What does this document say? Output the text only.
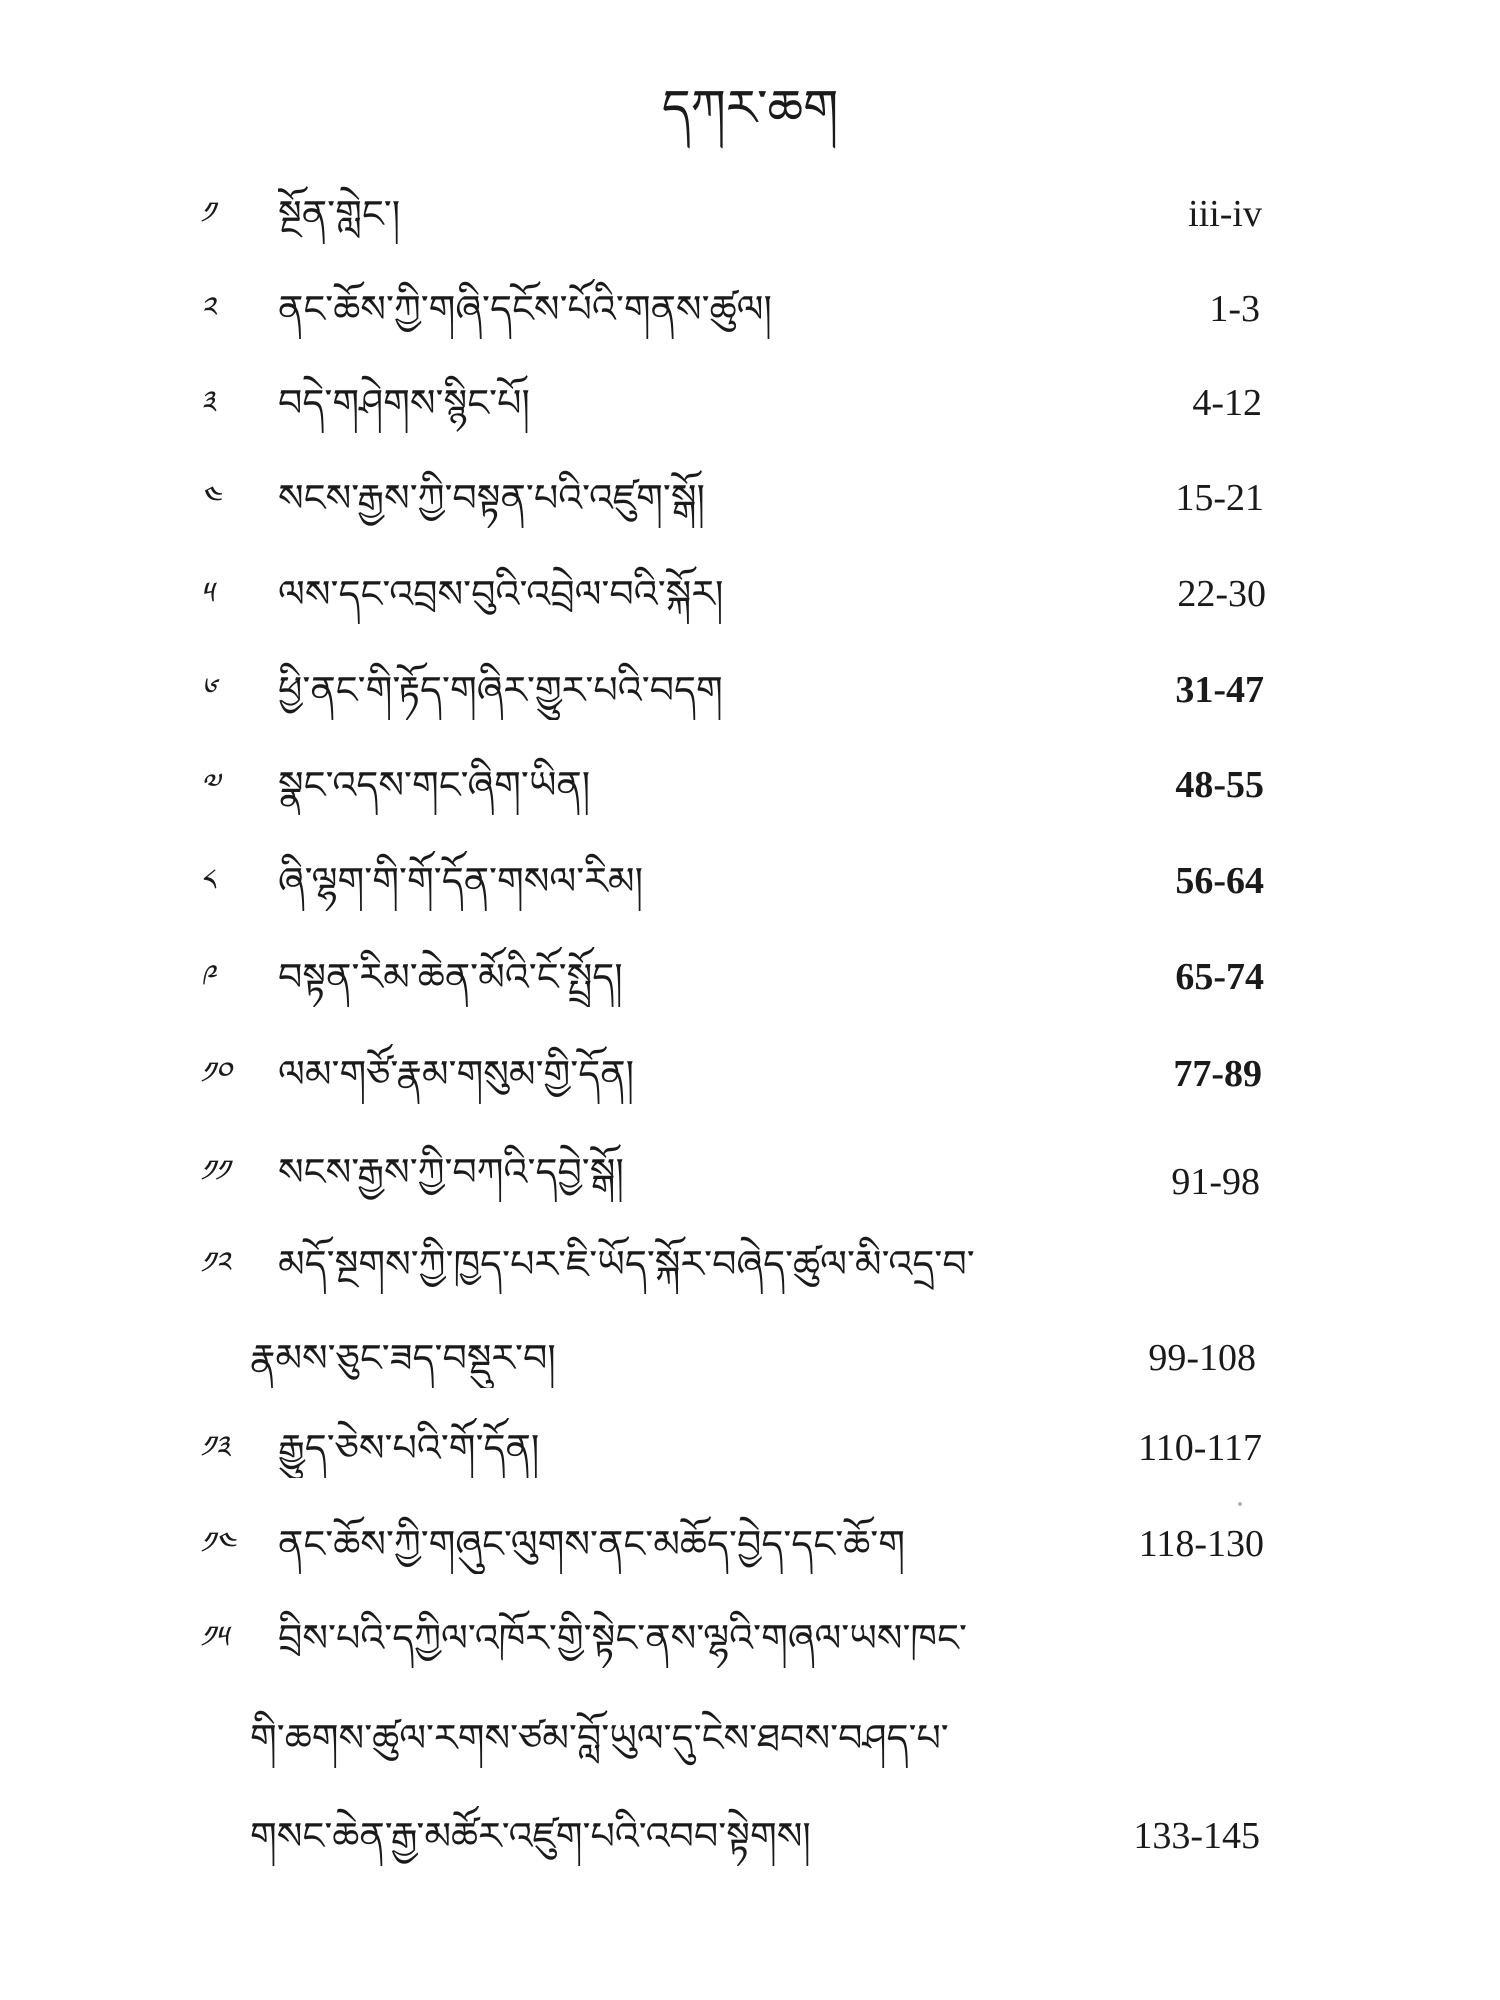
དཀར་ཆག
༡	སྔོན་གླེང་།	iii-iv
༢	ནང་ཆོས་ཀྱི་གཞི་དངོས་པོའི་གནས་ཚུལ།	1-3
༣	བདེ་གཤེགས་སྙིང་པོ།	4-12
༤	སངས་རྒྱས་ཀྱི་བསྟན་པའི་འཛུག་སྒོ།	15-21
༥	ལས་དང་འབྲས་བུའི་འབྲེལ་བའི་སྐོར།	22-30
༦	ཕྱི་ནང་གི་རྟོད་གཞིར་གྱུར་པའི་བདག	31-47
༧	སྣང་འདས་གང་ཞིག་ཡིན།	48-55
༨	ཞི་ལྷག་གི་གོ་དོན་གསལ་རིམ།	56-64
༩	བསྟན་རིམ་ཆེན་མོའི་ངོ་སྤྲོད།	65-74
༡༠	ལམ་གཙོ་རྣམ་གསུམ་གྱི་དོན།	77-89
༡༡	སངས་རྒྱས་ཀྱི་བཀའི་དབྱེ་སྒོ།	91-98
༡༢	མདོ་སྔགས་ཀྱི་ཁྱད་པར་ཇི་ཡོད་སྐོར་བཞེད་ཚུལ་མི་འདྲ་བ་
རྣམས་ཅུང་ཟད་བསྡུར་བ།	99-108
༡༣	རྒྱུད་ཅེས་པའི་གོ་དོན།	110-117
༡༤	ནང་ཆོས་ཀྱི་གཞུང་ལུགས་ནང་མཆོད་བྱེད་དང་ཆོ་ག	118-130
༡༥	བྲིས་པའི་དཀྱིལ་འཁོར་གྱི་སྟེང་ནས་ལྷའི་གཞལ་ཡས་ཁང་
གི་ཆགས་ཚུལ་རགས་ཙམ་བློ་ཡུལ་དུ་ངེས་ཐབས་བཤད་པ་
གསང་ཆེན་རྒྱ་མཚོར་འཛུག་པའི་འབབ་སྟེགས།	133-145
